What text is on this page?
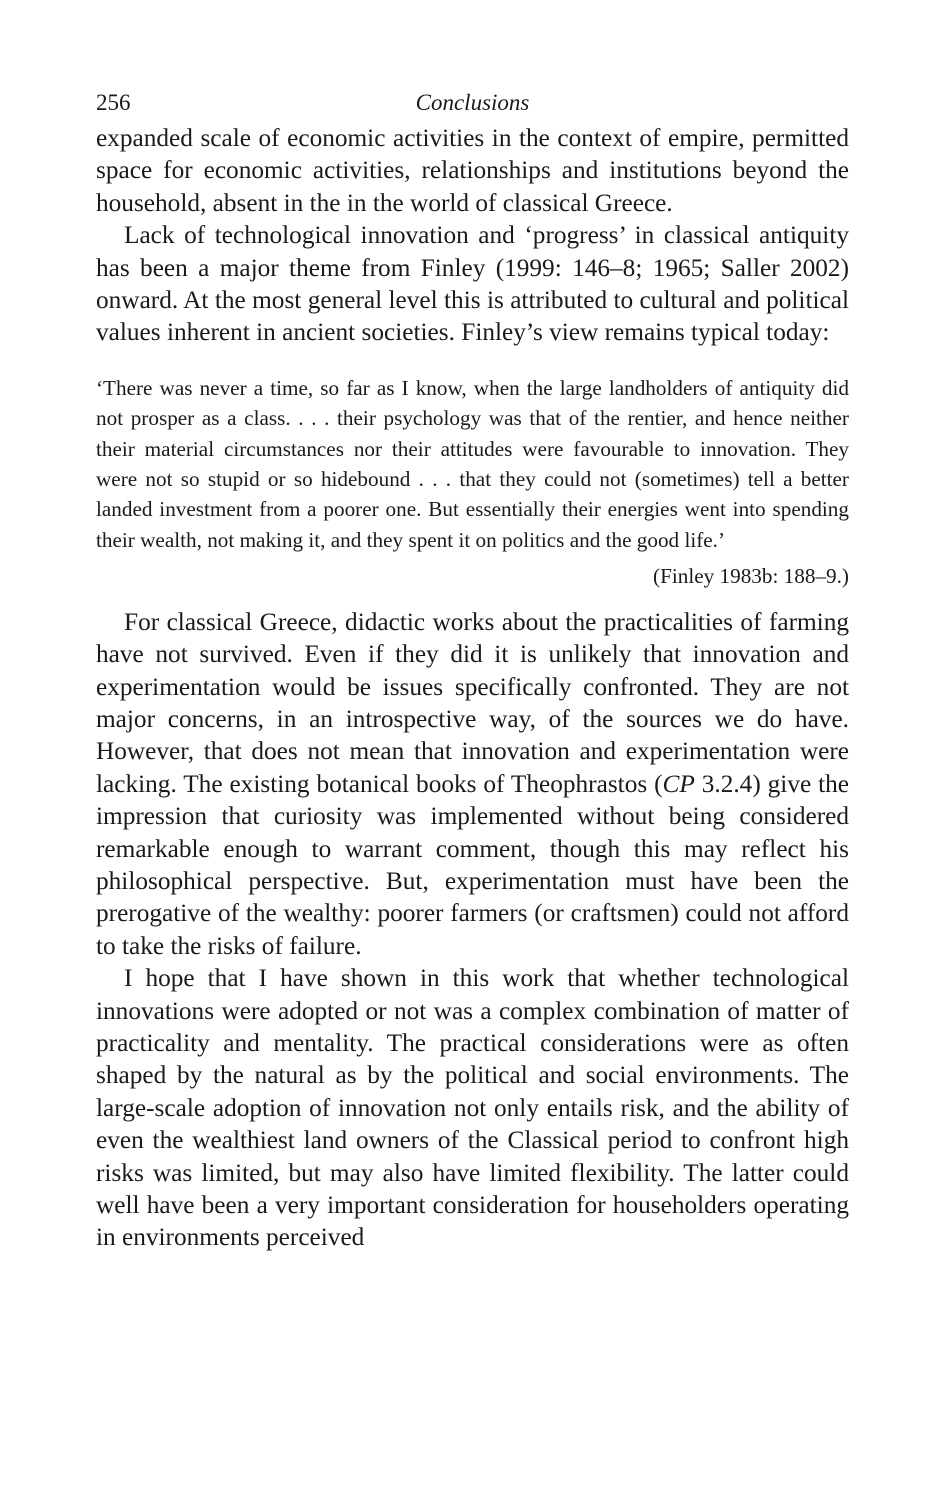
256	Conclusions

expanded scale of economic activities in the context of empire, permitted space for economic activities, relationships and institutions beyond the household, absent in the in the world of classical Greece.

Lack of technological innovation and ‘progress’ in classical antiquity has been a major theme from Finley (1999: 146–8; 1965; Saller 2002) onward. At the most general level this is attributed to cultural and political values inherent in ancient societies. Finley’s view remains typical today:

‘There was never a time, so far as I know, when the large landholders of antiquity did not prosper as a class. . . . their psychology was that of the rentier, and hence neither their material circumstances nor their attitudes were favourable to innovation. They were not so stupid or so hidebound . . . that they could not (sometimes) tell a better landed investment from a poorer one. But essentially their energies went into spending their wealth, not making it, and they spent it on politics and the good life.’

(Finley 1983b: 188–9.)

For classical Greece, didactic works about the practicalities of farming have not survived. Even if they did it is unlikely that innovation and experimentation would be issues specifically confronted. They are not major concerns, in an introspective way, of the sources we do have. However, that does not mean that innovation and experimentation were lacking. The existing botanical books of Theophrastos (CP 3.2.4) give the impression that curiosity was implemented without being considered remarkable enough to warrant comment, though this may reflect his philosophical perspective. But, experimentation must have been the prerogative of the wealthy: poorer farmers (or craftsmen) could not afford to take the risks of failure.

I hope that I have shown in this work that whether technological innovations were adopted or not was a complex combination of matter of practicality and mentality. The practical considerations were as often shaped by the natural as by the political and social environments. The large-scale adoption of innovation not only entails risk, and the ability of even the wealthiest land owners of the Classical period to confront high risks was limited, but may also have limited flexibility. The latter could well have been a very important consideration for householders operating in environments perceived
